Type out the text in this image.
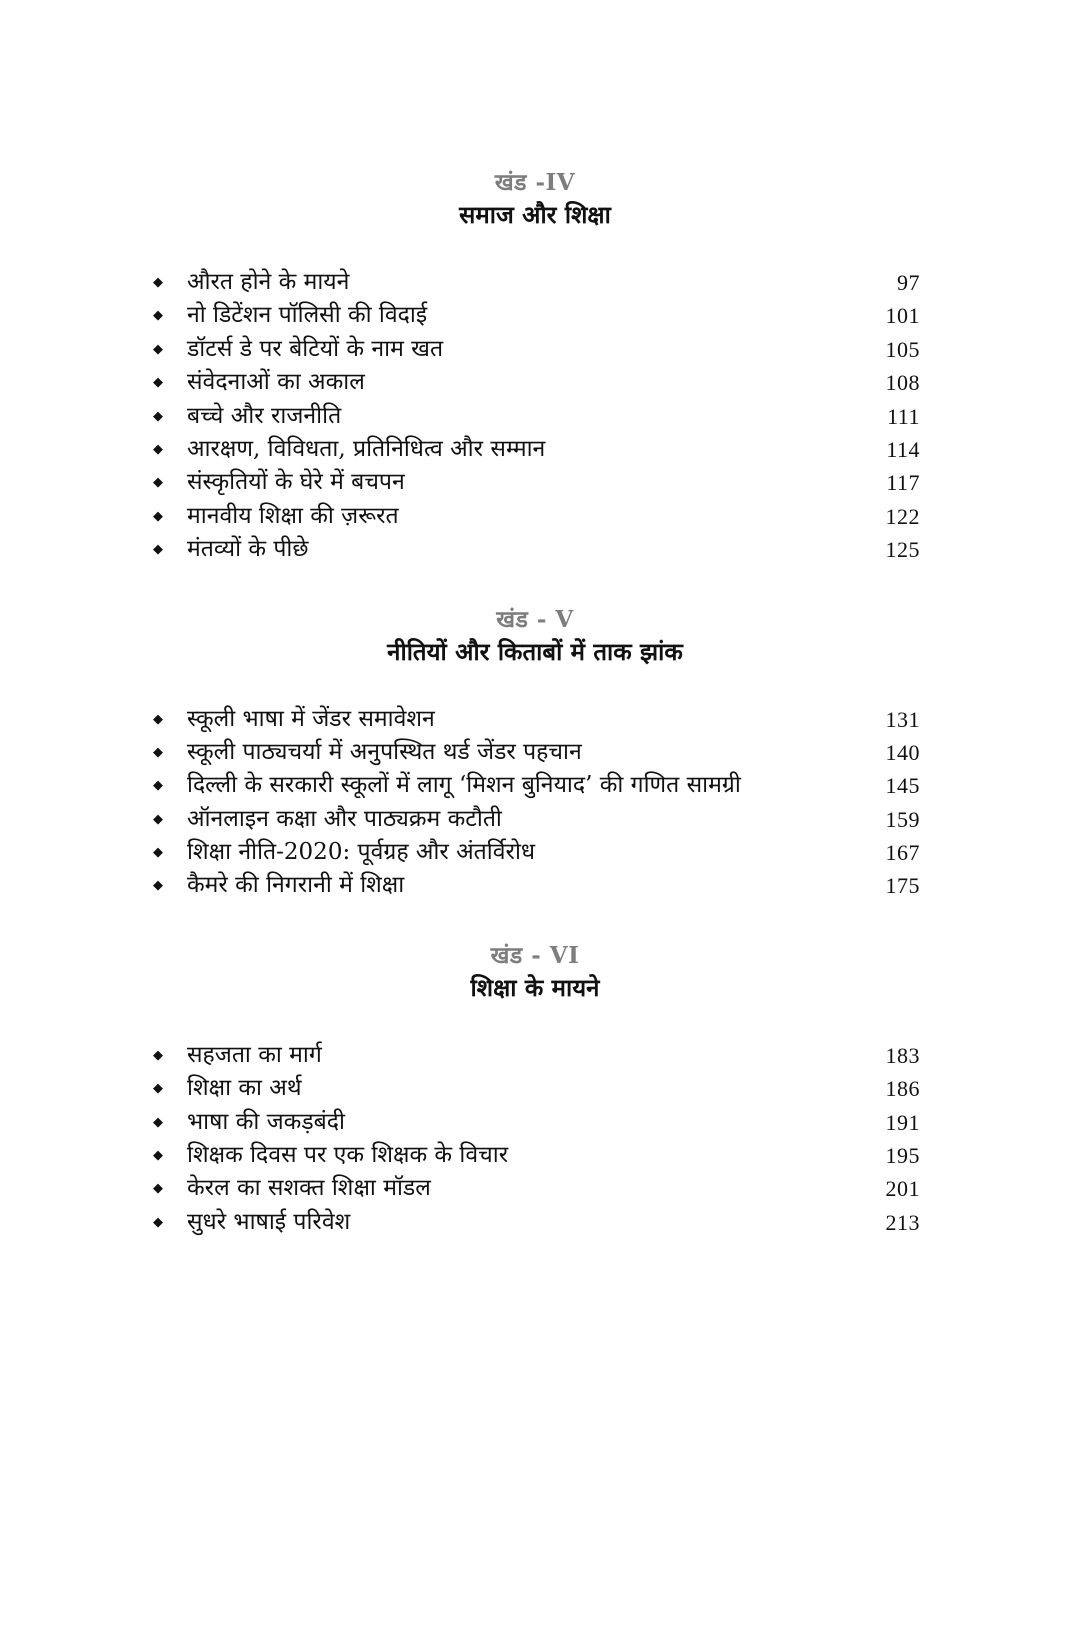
खंड -IV
समाज और शिक्षा
◆ औरत होने के मायने	97
◆ नो डिटेंशन पॉलिसी की विदाई	101
◆ डॉटर्स डे पर बेटियों के नाम खत	105
◆ संवेदनाओं का अकाल	108
◆ बच्चे और राजनीति	111
◆ आरक्षण, विविधता, प्रतिनिधित्व और सम्मान	114
◆ संस्कृतियों के घेरे में बचपन	117
◆ मानवीय शिक्षा की ज़रूरत	122
◆ मंतव्यों के पीछे	125
खंड - V
नीतियों और किताबों में ताक झांक
◆ स्कूली भाषा में जेंडर समावेशन	131
◆ स्कूली पाठ्यचर्या में अनुपस्थित थर्ड जेंडर पहचान	140
◆ दिल्ली के सरकारी स्कूलों में लागू ‘मिशन बुनियाद’ की गणित सामग्री	145
◆ ऑनलाइन कक्षा और पाठ्यक्रम कटौती	159
◆ शिक्षा नीति-2020: पूर्वग्रह और अंतर्विरोध	167
◆ कैमरे की निगरानी में शिक्षा	175
खंड - VI
शिक्षा के मायने
◆ सहजता का मार्ग	183
◆ शिक्षा का अर्थ	186
◆ भाषा की जकड़बंदी	191
◆ शिक्षक दिवस पर एक शिक्षक के विचार	195
◆ केरल का सशक्त शिक्षा मॉडल	201
◆ सुधरे भाषाई परिवेश	213
